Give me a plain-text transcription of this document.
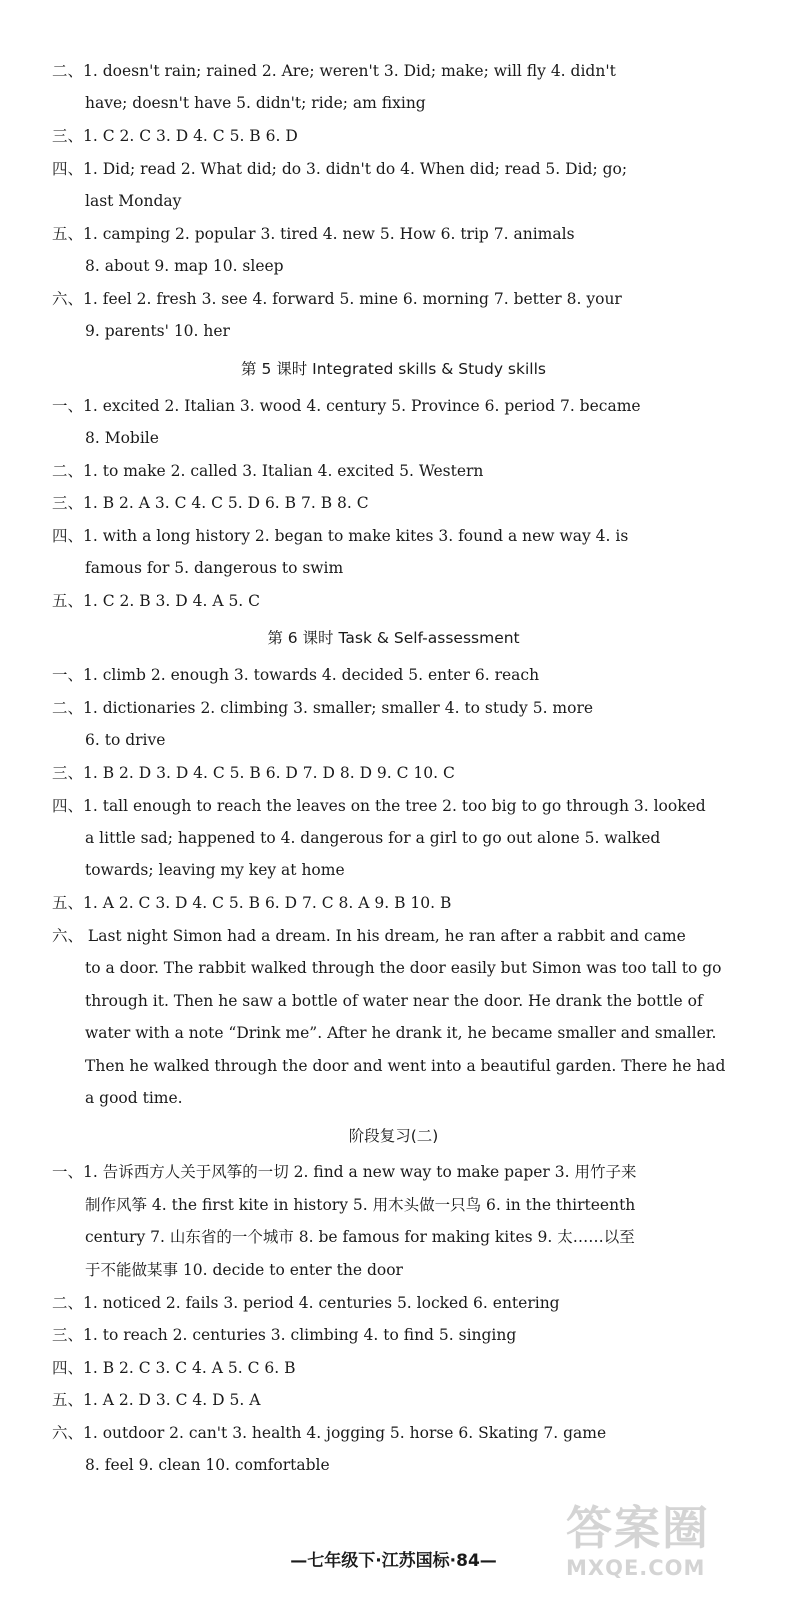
二、1. doesn't rain; rained 2. Are; weren't 3. Did; make; will fly 4. didn't
have; doesn't have 5. didn't; ride; am fixing
三、1. C 2. C 3. D 4. C 5. B 6. D
四、1. Did; read 2. What did; do 3. didn't do 4. When did; read 5. Did; go;
last Monday
五、1. camping 2. popular 3. tired 4. new 5. How 6. trip 7. animals
8. about 9. map 10. sleep
六、1. feel 2. fresh 3. see 4. forward 5. mine 6. morning 7. better 8. your
9. parents' 10. her
第 5 课时 Integrated skills & Study skills
一、1. excited 2. Italian 3. wood 4. century 5. Province 6. period 7. became
8. Mobile
二、1. to make 2. called 3. Italian 4. excited 5. Western
三、1. B 2. A 3. C 4. C 5. D 6. B 7. B 8. C
四、1. with a long history 2. began to make kites 3. found a new way 4. is
famous for 5. dangerous to swim
五、1. C 2. B 3. D 4. A 5. C
第 6 课时 Task & Self-assessment
一、1. climb 2. enough 3. towards 4. decided 5. enter 6. reach
二、1. dictionaries 2. climbing 3. smaller; smaller 4. to study 5. more
6. to drive
三、1. B 2. D 3. D 4. C 5. B 6. D 7. D 8. D 9. C 10. C
四、1. tall enough to reach the leaves on the tree 2. too big to go through 3. looked
a little sad; happened to 4. dangerous for a girl to go out alone 5. walked
towards; leaving my key at home
五、1. A 2. C 3. D 4. C 5. B 6. D 7. C 8. A 9. B 10. B
六、 Last night Simon had a dream. In his dream, he ran after a rabbit and came
to a door. The rabbit walked through the door easily but Simon was too tall to go
through it. Then he saw a bottle of water near the door. He drank the bottle of
water with a note “Drink me”. After he drank it, he became smaller and smaller.
Then he walked through the door and went into a beautiful garden. There he had
a good time.
阶段复习(二)
一、1. 告诉西方人关于风筝的一切 2. find a new way to make paper 3. 用竹子来
制作风筝 4. the first kite in history 5. 用木头做一只鸟 6. in the thirteenth
century 7. 山东省的一个城市 8. be famous for making kites 9. 太……以至
于不能做某事 10. decide to enter the door
二、1. noticed 2. fails 3. period 4. centuries 5. locked 6. entering
三、1. to reach 2. centuries 3. climbing 4. to find 5. singing
四、1. B 2. C 3. C 4. A 5. C 6. B
五、1. A 2. D 3. C 4. D 5. A
六、1. outdoor 2. can't 3. health 4. jogging 5. horse 6. Skating 7. game
8. feel 9. clean 10. comfortable
—七年级下·江苏国标·84—
答案圈
MXQE.COM
